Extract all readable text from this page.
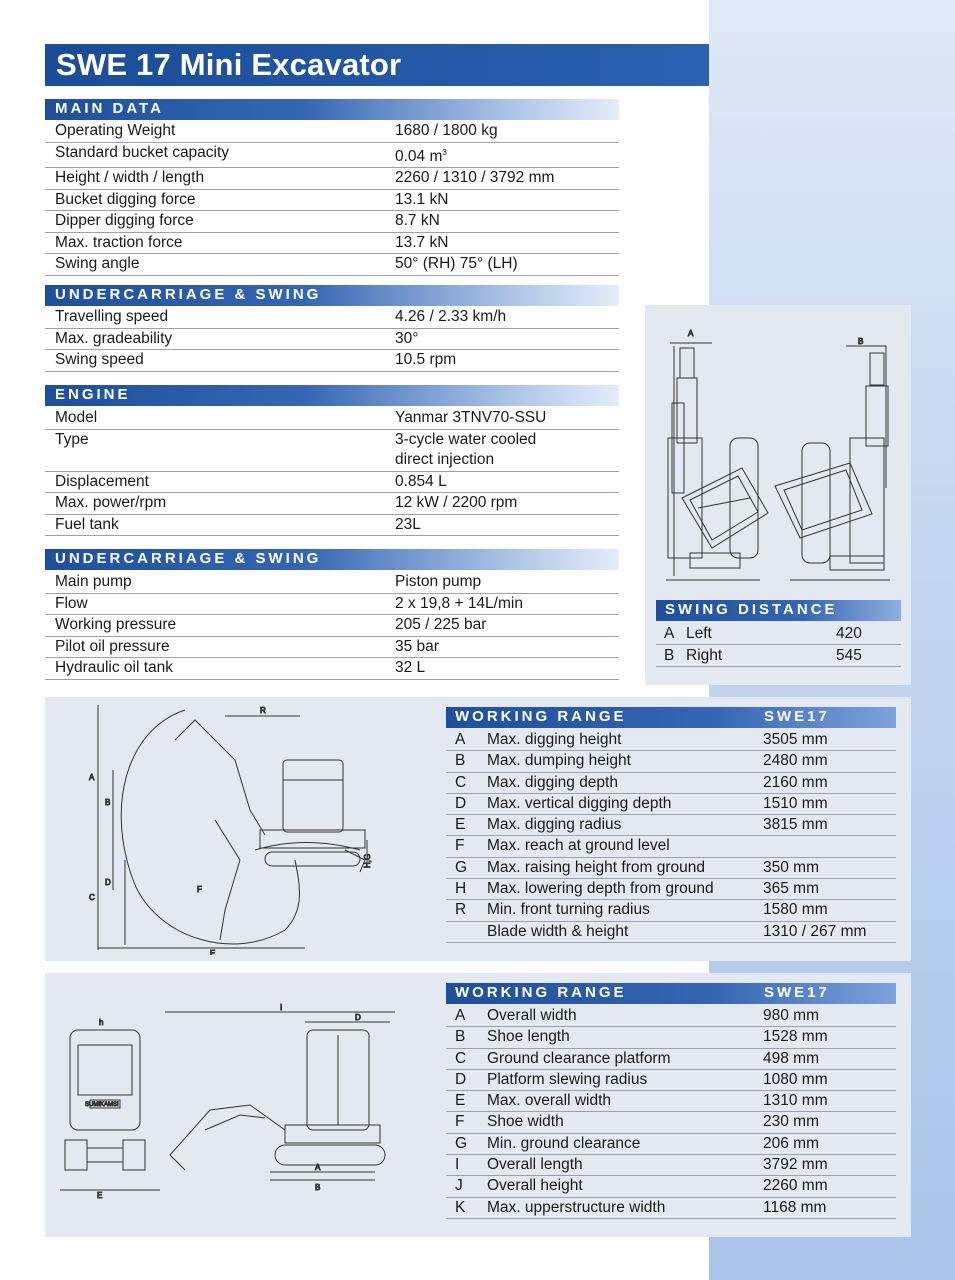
SWE 17 Mini Excavator
MAIN DATA
Operating Weight	1680 / 1800 kg
Standard bucket capacity	0.04 $m^3$
Height / width / length	2260 / 1310 / 3792 mm
Bucket digging force	13.1 kN
Dipper digging force	8.7 kN
Max. traction force	13.7 kN
Swing angle	50° (RH) 75° (LH)
UNDERCARRIAGE & SWING
Travelling speed	4.26 / 2.33 km/h
Max. gradeability	30°
Swing speed	10.5 rpm
ENGINE
Model	Yanmar 3TNV70-SSU
Type	3-cycle water cooled
direct injection
Displacement	0.854 L
Max. power/rpm	12 kW / 2200 rpm
Fuel tank	23L
UNDERCARRIAGE & SWING
Main pump	Piston pump
Flow	2 x 19,8 + 14L/min
Working pressure	205 / 225 bar
Pilot oil pressure	35 bar
Hydraulic oil tank	32 L
A
B
SWING DISTANCE
A Left	420
B Right	545
A
B
C
D
R
E
F
H,G
WORKING RANGE	SWE17
A	Max. digging height	3505 mm
B	Max. dumping height	2480 mm
C	Max. digging depth	2160 mm
D	Max. vertical digging depth	1510 mm
E	Max. digging radius	3815 mm
F	Max. reach at ground level
G	Max. raising height from ground	350 mm
H	Max. lowering depth from ground	365 mm
R	Min. front turning radius	1580 mm
Blade width & height	1310 / 267 mm
h
SUMIKAMSI
E
I
D
A
B
WORKING RANGE	SWE17
A	Overall width	980 mm
B	Shoe length	1528 mm
C	Ground clearance platform	498 mm
D	Platform slewing radius	1080 mm
E	Max. overall width	1310 mm
F	Shoe width	230 mm
G	Min. ground clearance	206 mm
I	Overall length	3792 mm
J	Overall height	2260 mm
K	Max. upperstructure width	1168 mm
